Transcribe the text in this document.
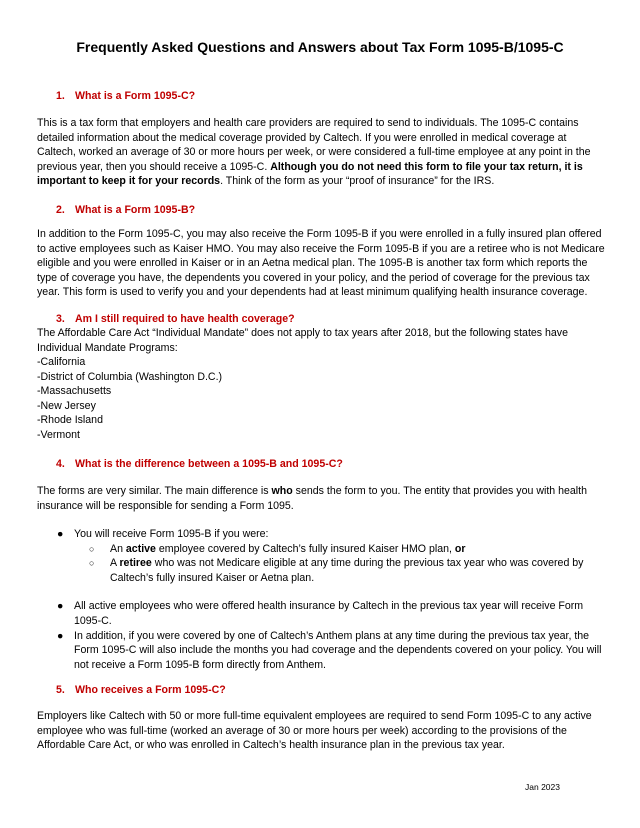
Frequently Asked Questions and Answers about Tax Form 1095-B/1095-C
1. What is a Form 1095-C?

This is a tax form that employers and health care providers are required to send to individuals. The 1095-C contains detailed information about the medical coverage provided by Caltech. If you were enrolled in medical coverage at Caltech, worked an average of 30 or more hours per week, or were considered a full-time employee at any point in the previous year, then you should receive a 1095-C. Although you do not need this form to file your tax return, it is important to keep it for your records. Think of the form as your “proof of insurance” for the IRS.

2. What is a Form 1095-B?

In addition to the Form 1095-C, you may also receive the Form 1095-B if you were enrolled in a fully insured plan offered to active employees such as Kaiser HMO. You may also receive the Form 1095-B if you are a retiree who is not Medicare eligible and you were enrolled in Kaiser or in an Aetna medical plan. The 1095-B is another tax form which reports the type of coverage you have, the dependents you covered in your policy, and the period of coverage for the previous tax year. This form is used to verify you and your dependents had at least minimum qualifying health insurance coverage.

3. Am I still required to have health coverage?

The Affordable Care Act “Individual Mandate” does not apply to tax years after 2018, but the following states have Individual Mandate Programs:

-California
-District of Columbia (Washington D.C.)
-Massachusetts
-New Jersey
-Rhode Island
-Vermont
4. What is the difference between a 1095-B and 1095-C?

The forms are very similar. The main difference is who sends the form to you. The entity that provides you with health insurance will be responsible for sending a Form 1095.

● You will receive Form 1095-B if you were:
○ An active employee covered by Caltech’s fully insured Kaiser HMO plan, or
○ A retiree who was not Medicare eligible at any time during the previous tax year who was covered by Caltech’s fully insured Kaiser or Aetna plan.
● All active employees who were offered health insurance by Caltech in the previous tax year will receive Form 1095-C.
● In addition, if you were covered by one of Caltech’s Anthem plans at any time during the previous tax year, the Form 1095-C will also include the months you had coverage and the dependents covered on your policy. You will not receive a Form 1095-B form directly from Anthem.
5. Who receives a Form 1095-C?

Employers like Caltech with 50 or more full-time equivalent employees are required to send Form 1095-C to any active employee who was full-time (worked an average of 30 or more hours per week) according to the provisions of the Affordable Care Act, or who was enrolled in Caltech’s health insurance plan in the previous tax year.

Jan 2023
